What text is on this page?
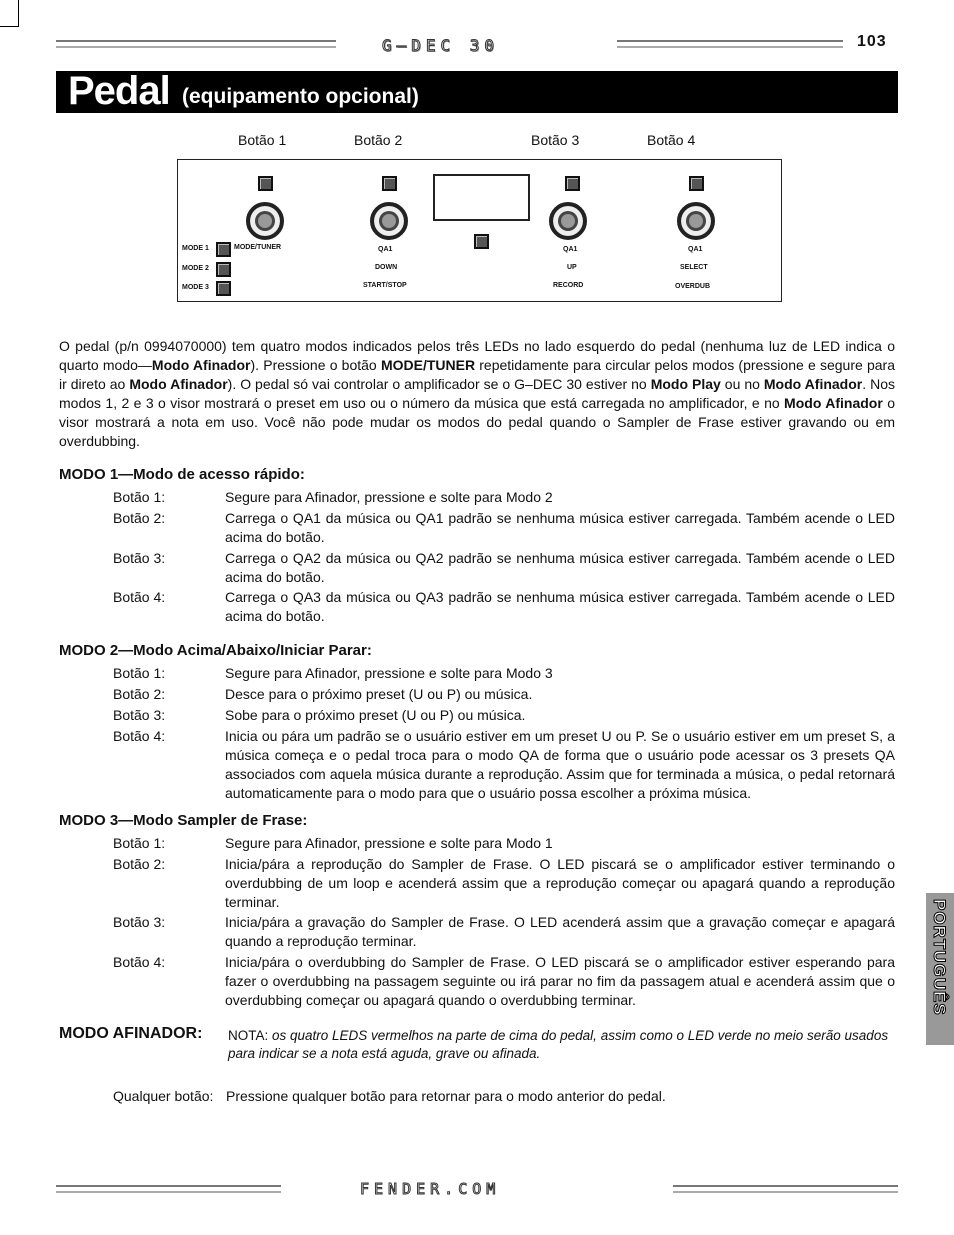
G–DEC 30	103
Pedal (equipamento opcional)
Botão 1	Botão 2	Botão 3	Botão 4
MODE 1
MODE 2
MODE 3
MODE/TUNER	QA1
DOWN
START/STOP
QA1
UP
RECORD
QA1
SELECT
OVERDUB
O pedal (p/n 0994070000) tem quatro modos indicados pelos três LEDs no lado esquerdo do pedal (nenhuma luz de LED indica o quarto modo—Modo Afinador). Pressione o botão MODE/TUNER repetidamente para circular pelos modos (pressione e segure para ir direto ao Modo Afinador). O pedal só vai controlar o amplificador se o G–DEC 30 estiver no Modo Play ou no Modo Afinador. Nos modos 1, 2 e 3 o visor mostrará o preset em uso ou o número da música que está carregada no amplificador, e no Modo Afinador o visor mostrará a nota em uso. Você não pode mudar os modos do pedal quando o Sampler de Frase estiver gravando ou em overdubbing.
MODO 1—Modo de acesso rápido:
Botão 1:	Segure para Afinador, pressione e solte para Modo 2
Botão 2:	Carrega o QA1 da música ou QA1 padrão se nenhuma música estiver carregada. Também acende o LED acima do botão.
Botão 3:	Carrega o QA2 da música ou QA2 padrão se nenhuma música estiver carregada. Também acende o LED acima do botão.
Botão 4:	Carrega o QA3 da música ou QA3 padrão se nenhuma música estiver carregada. Também acende o LED acima do botão.
MODO 2—Modo Acima/Abaixo/Iniciar Parar:
Botão 1:	Segure para Afinador, pressione e solte para Modo 3
Botão 2:	Desce para o próximo preset (U ou P) ou música.
Botão 3:	Sobe para o próximo preset (U ou P) ou música.
Botão 4:	Inicia ou pára um padrão se o usuário estiver em um preset U ou P. Se o usuário estiver em um preset S, a música começa e o pedal troca para o modo QA de forma que o usuário pode acessar os 3 presets QA associados com aquela música durante a reprodução. Assim que for terminada a música, o pedal retornará automaticamente para o modo para que o usuário possa escolher a próxima música.
MODO 3—Modo Sampler de Frase:
Botão 1:	Segure para Afinador, pressione e solte para Modo 1
Botão 2:	Inicia/pára a reprodução do Sampler de Frase. O LED piscará se o amplificador estiver terminando o overdubbing de um loop e acenderá assim que a reprodução começar ou apagará quando a reprodução terminar.
Botão 3:	Inicia/pára a gravação do Sampler de Frase. O LED acenderá assim que a gravação começar e apagará quando a reprodução terminar.
Botão 4:	Inicia/pára o overdubbing do Sampler de Frase. O LED piscará se o amplificador estiver esperando para fazer o overdubbing na passagem seguinte ou irá parar no fim da passagem atual e acenderá assim que o overdubbing começar ou apagará quando o overdubbing terminar.
MODO AFINADOR: NOTA: os quatro LEDS vermelhos na parte de cima do pedal, assim como o LED verde no meio serão usados para indicar se a nota está aguda, grave ou afinada.
Qualquer botão: Pressione qualquer botão para retornar para o modo anterior do pedal.
PORTUGUÊS
FENDER.COM
